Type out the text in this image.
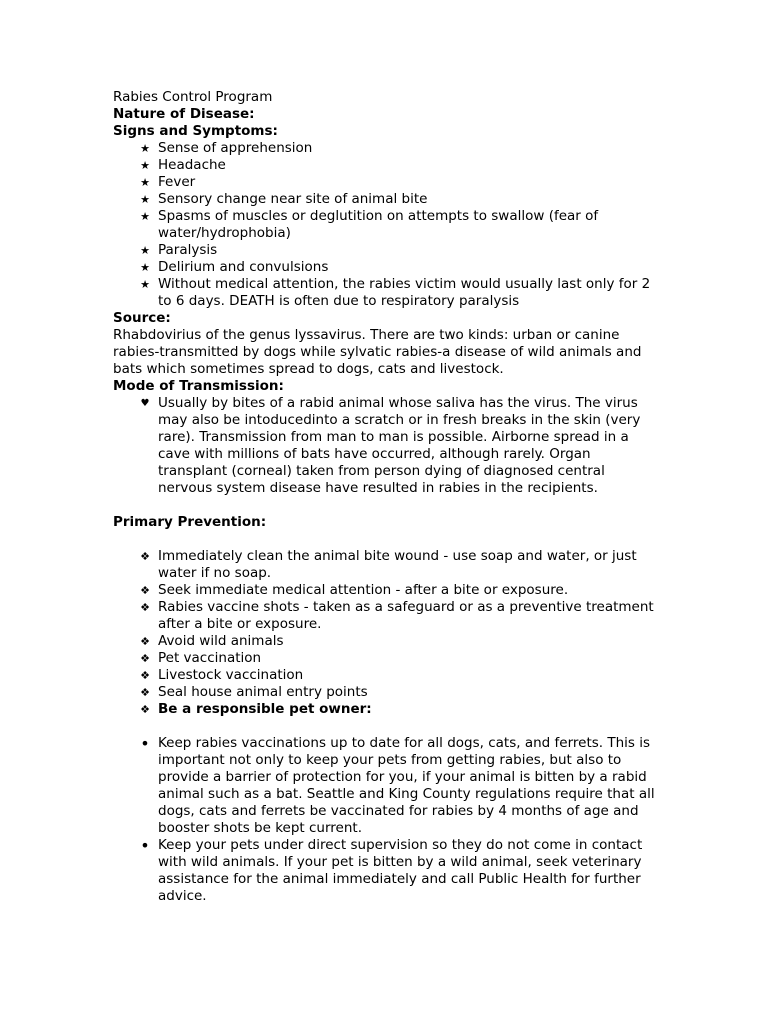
Rabies Control Program
Nature of Disease:
Signs and Symptoms:
★ Sense of apprehension
★ Headache
★ Fever
★ Sensory change near site of animal bite
★ Spasms of muscles or deglutition on attempts to swallow (fear of water/hydrophobia)
★ Paralysis
★ Delirium and convulsions
★ Without medical attention, the rabies victim would usually last only for 2 to 6 days. DEATH is often due to respiratory paralysis
Source:
Rhabdovirius of the genus lyssavirus. There are two kinds: urban or canine rabies-transmitted by dogs while sylvatic rabies-a disease of wild animals and bats which sometimes spread to dogs, cats and livestock.
Mode of Transmission:
♥ Usually by bites of a rabid animal whose saliva has the virus. The virus may also be intoducedinto a scratch or in fresh breaks in the skin (very rare). Transmission from man to man is possible. Airborne spread in a cave with millions of bats have occurred, although rarely. Organ transplant (corneal) taken from person dying of diagnosed central nervous system disease have resulted in rabies in the recipients.
Primary Prevention:
❖ Immediately clean the animal bite wound - use soap and water, or just water if no soap.
❖ Seek immediate medical attention - after a bite or exposure.
❖ Rabies vaccine shots - taken as a safeguard or as a preventive treatment after a bite or exposure.
❖ Avoid wild animals
❖ Pet vaccination
❖ Livestock vaccination
❖ Seal house animal entry points
❖ Be a responsible pet owner:
• Keep rabies vaccinations up to date for all dogs, cats, and ferrets. This is important not only to keep your pets from getting rabies, but also to provide a barrier of protection for you, if your animal is bitten by a rabid animal such as a bat. Seattle and King County regulations require that all dogs, cats and ferrets be vaccinated for rabies by 4 months of age and booster shots be kept current.
• Keep your pets under direct supervision so they do not come in contact with wild animals. If your pet is bitten by a wild animal, seek veterinary assistance for the animal immediately and call Public Health for further advice.
